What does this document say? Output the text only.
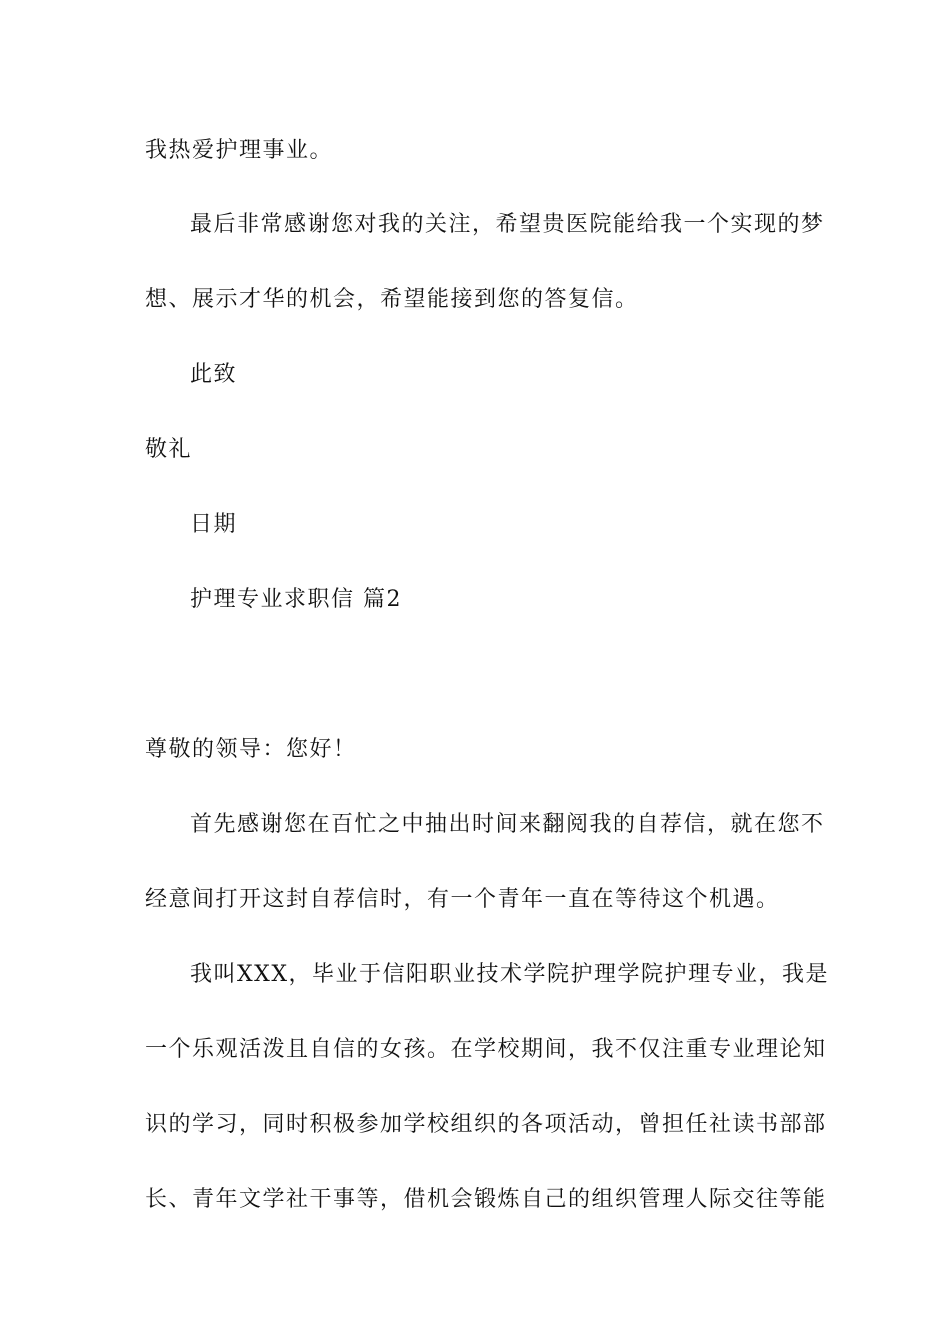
我热爱护理事业。
最后非常感谢您对我的关注，希望贵医院能给我一个实现的梦
想、展示才华的机会，希望能接到您的答复信。
此致
敬礼
日期
护理专业求职信 篇2
尊敬的领导：您好！
首先感谢您在百忙之中抽出时间来翻阅我的自荐信，就在您不
经意间打开这封自荐信时，有一个青年一直在等待这个机遇。
我叫XXX，毕业于信阳职业技术学院护理学院护理专业，我是
一个乐观活泼且自信的女孩。在学校期间，我不仅注重专业理论知
识的学习，同时积极参加学校组织的各项活动，曾担任社读书部部
长、青年文学社干事等，借机会锻炼自己的组织管理人际交往等能
